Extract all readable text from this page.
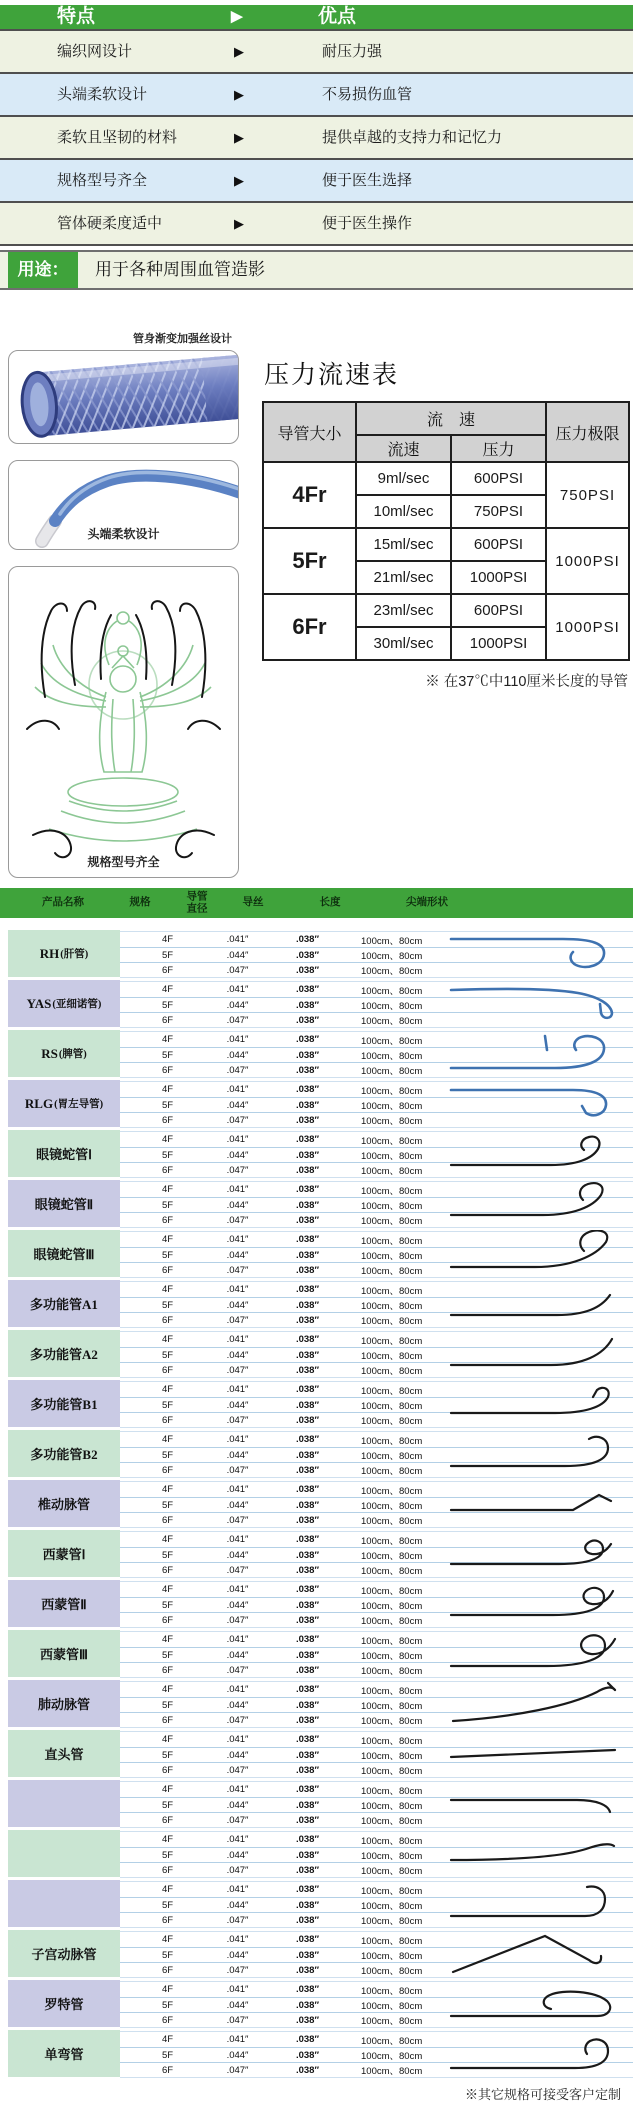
特点	▶	优点
编织网设计	▶	耐压力强
头端柔软设计	▶	不易损伤血管
柔软且坚韧的材料	▶	提供卓越的支持力和记忆力
规格型号齐全	▶	便于医生选择
管体硬柔度适中	▶	便于医生操作
用途：	用于各种周围血管造影
管身渐变加强丝设计
头端柔软设计
规格型号齐全
压力流速表
导管大小	流　速		压力极限
	流速	压力	
4Fr	9ml/sec	600PSI	750PSI
	10ml/sec	750PSI	
5Fr	15ml/sec	600PSI	1000PSI
	21ml/sec	1000PSI	
6Fr	23ml/sec	600PSI	1000PSI
	30ml/sec	1000PSI	
※ 在37℃中110厘米长度的导管
产品名称	规格	导管直径	导丝	长度	尖端形状
RH (肝管)
4F	.041″	.038″	100cm、80cm
5F	.044″	.038″	100cm、80cm
6F	.047″	.038″	100cm、80cm
YAS (亚细诺管)
4F	.041″	.038″	100cm、80cm
5F	.044″	.038″	100cm、80cm
6F	.047″	.038″	100cm、80cm
RS (脾管)
4F	.041″	.038″	100cm、80cm
5F	.044″	.038″	100cm、80cm
6F	.047″	.038″	100cm、80cm
RLG (胃左导管)
4F	.041″	.038″	100cm、80cm
5F	.044″	.038″	100cm、80cm
6F	.047″	.038″	100cm、80cm
眼镜蛇管Ⅰ
4F	.041″	.038″	100cm、80cm
5F	.044″	.038″	100cm、80cm
6F	.047″	.038″	100cm、80cm
眼镜蛇管Ⅱ
4F	.041″	.038″	100cm、80cm
5F	.044″	.038″	100cm、80cm
6F	.047″	.038″	100cm、80cm
眼镜蛇管Ⅲ
4F	.041″	.038″	100cm、80cm
5F	.044″	.038″	100cm、80cm
6F	.047″	.038″	100cm、80cm
多功能管A1
4F	.041″	.038″	100cm、80cm
5F	.044″	.038″	100cm、80cm
6F	.047″	.038″	100cm、80cm
多功能管A2
4F	.041″	.038″	100cm、80cm
5F	.044″	.038″	100cm、80cm
6F	.047″	.038″	100cm、80cm
多功能管B1
4F	.041″	.038″	100cm、80cm
5F	.044″	.038″	100cm、80cm
6F	.047″	.038″	100cm、80cm
多功能管B2
4F	.041″	.038″	100cm、80cm
5F	.044″	.038″	100cm、80cm
6F	.047″	.038″	100cm、80cm
椎动脉管
4F	.041″	.038″	100cm、80cm
5F	.044″	.038″	100cm、80cm
6F	.047″	.038″	100cm、80cm
西蒙管Ⅰ
4F	.041″	.038″	100cm、80cm
5F	.044″	.038″	100cm、80cm
6F	.047″	.038″	100cm、80cm
西蒙管Ⅱ
4F	.041″	.038″	100cm、80cm
5F	.044″	.038″	100cm、80cm
6F	.047″	.038″	100cm、80cm
西蒙管Ⅲ
4F	.041″	.038″	100cm、80cm
5F	.044″	.038″	100cm、80cm
6F	.047″	.038″	100cm、80cm
肺动脉管
4F	.041″	.038″	100cm、80cm
5F	.044″	.038″	100cm、80cm
6F	.047″	.038″	100cm、80cm
直头管
4F	.041″	.038″	100cm、80cm
5F	.044″	.038″	100cm、80cm
6F	.047″	.038″	100cm、80cm
4F	.041″	.038″	100cm、80cm
5F	.044″	.038″	100cm、80cm
6F	.047″	.038″	100cm、80cm
4F	.041″	.038″	100cm、80cm
5F	.044″	.038″	100cm、80cm
6F	.047″	.038″	100cm、80cm
4F	.041″	.038″	100cm、80cm
5F	.044″	.038″	100cm、80cm
6F	.047″	.038″	100cm、80cm
子宫动脉管
4F	.041″	.038″	100cm、80cm
5F	.044″	.038″	100cm、80cm
6F	.047″	.038″	100cm、80cm
罗特管
4F	.041″	.038″	100cm、80cm
5F	.044″	.038″	100cm、80cm
6F	.047″	.038″	100cm、80cm
单弯管
4F	.041″	.038″	100cm、80cm
5F	.044″	.038″	100cm、80cm
6F	.047″	.038″	100cm、80cm
※其它规格可接受客户定制
